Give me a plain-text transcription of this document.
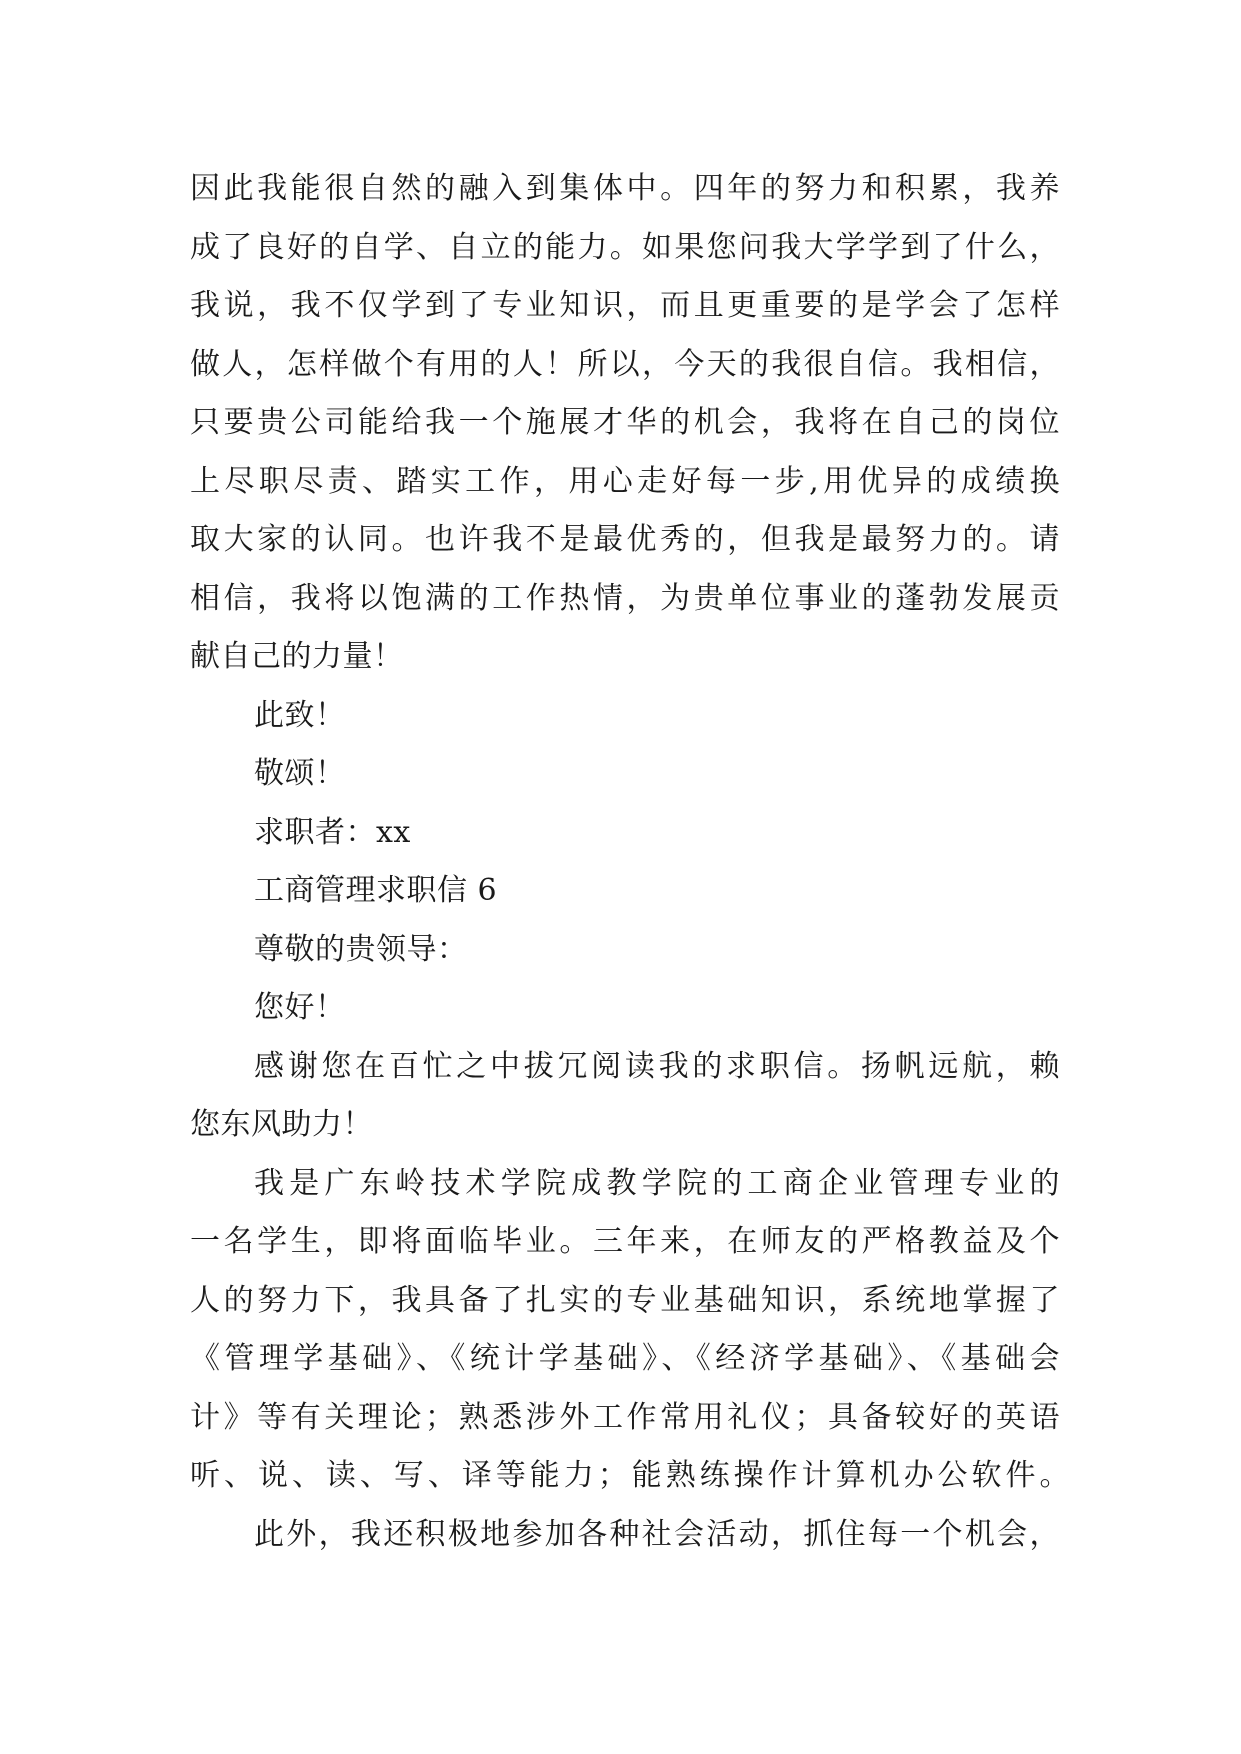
因此我能很自然的融入到集体中。四年的努力和积累，我养
成了良好的自学、自立的能力。如果您问我大学学到了什么，
我说，我不仅学到了专业知识，而且更重要的是学会了怎样
做人，怎样做个有用的人！所以，今天的我很自信。我相信，
只要贵公司能给我一个施展才华的机会，我将在自己的岗位
上尽职尽责、踏实工作，用心走好每一步,用优异的成绩换
取大家的认同。也许我不是最优秀的，但我是最努力的。请
相信，我将以饱满的工作热情，为贵单位事业的蓬勃发展贡
献自己的力量！
此致！
敬颂！
求职者：xx
工商管理求职信 6
尊敬的贵领导：
您好！
感谢您在百忙之中拔冗阅读我的求职信。扬帆远航，赖
您东风助力！
我是广东岭技术学院成教学院的工商企业管理专业的
一名学生，即将面临毕业。三年来，在师友的严格教益及个
人的努力下，我具备了扎实的专业基础知识，系统地掌握了
《管理学基础》、《统计学基础》、《经济学基础》、《基础会
计》等有关理论；熟悉涉外工作常用礼仪；具备较好的英语
听、说、读、写、译等能力；能熟练操作计算机办公软件。
此外，我还积极地参加各种社会活动，抓住每一个机会，
